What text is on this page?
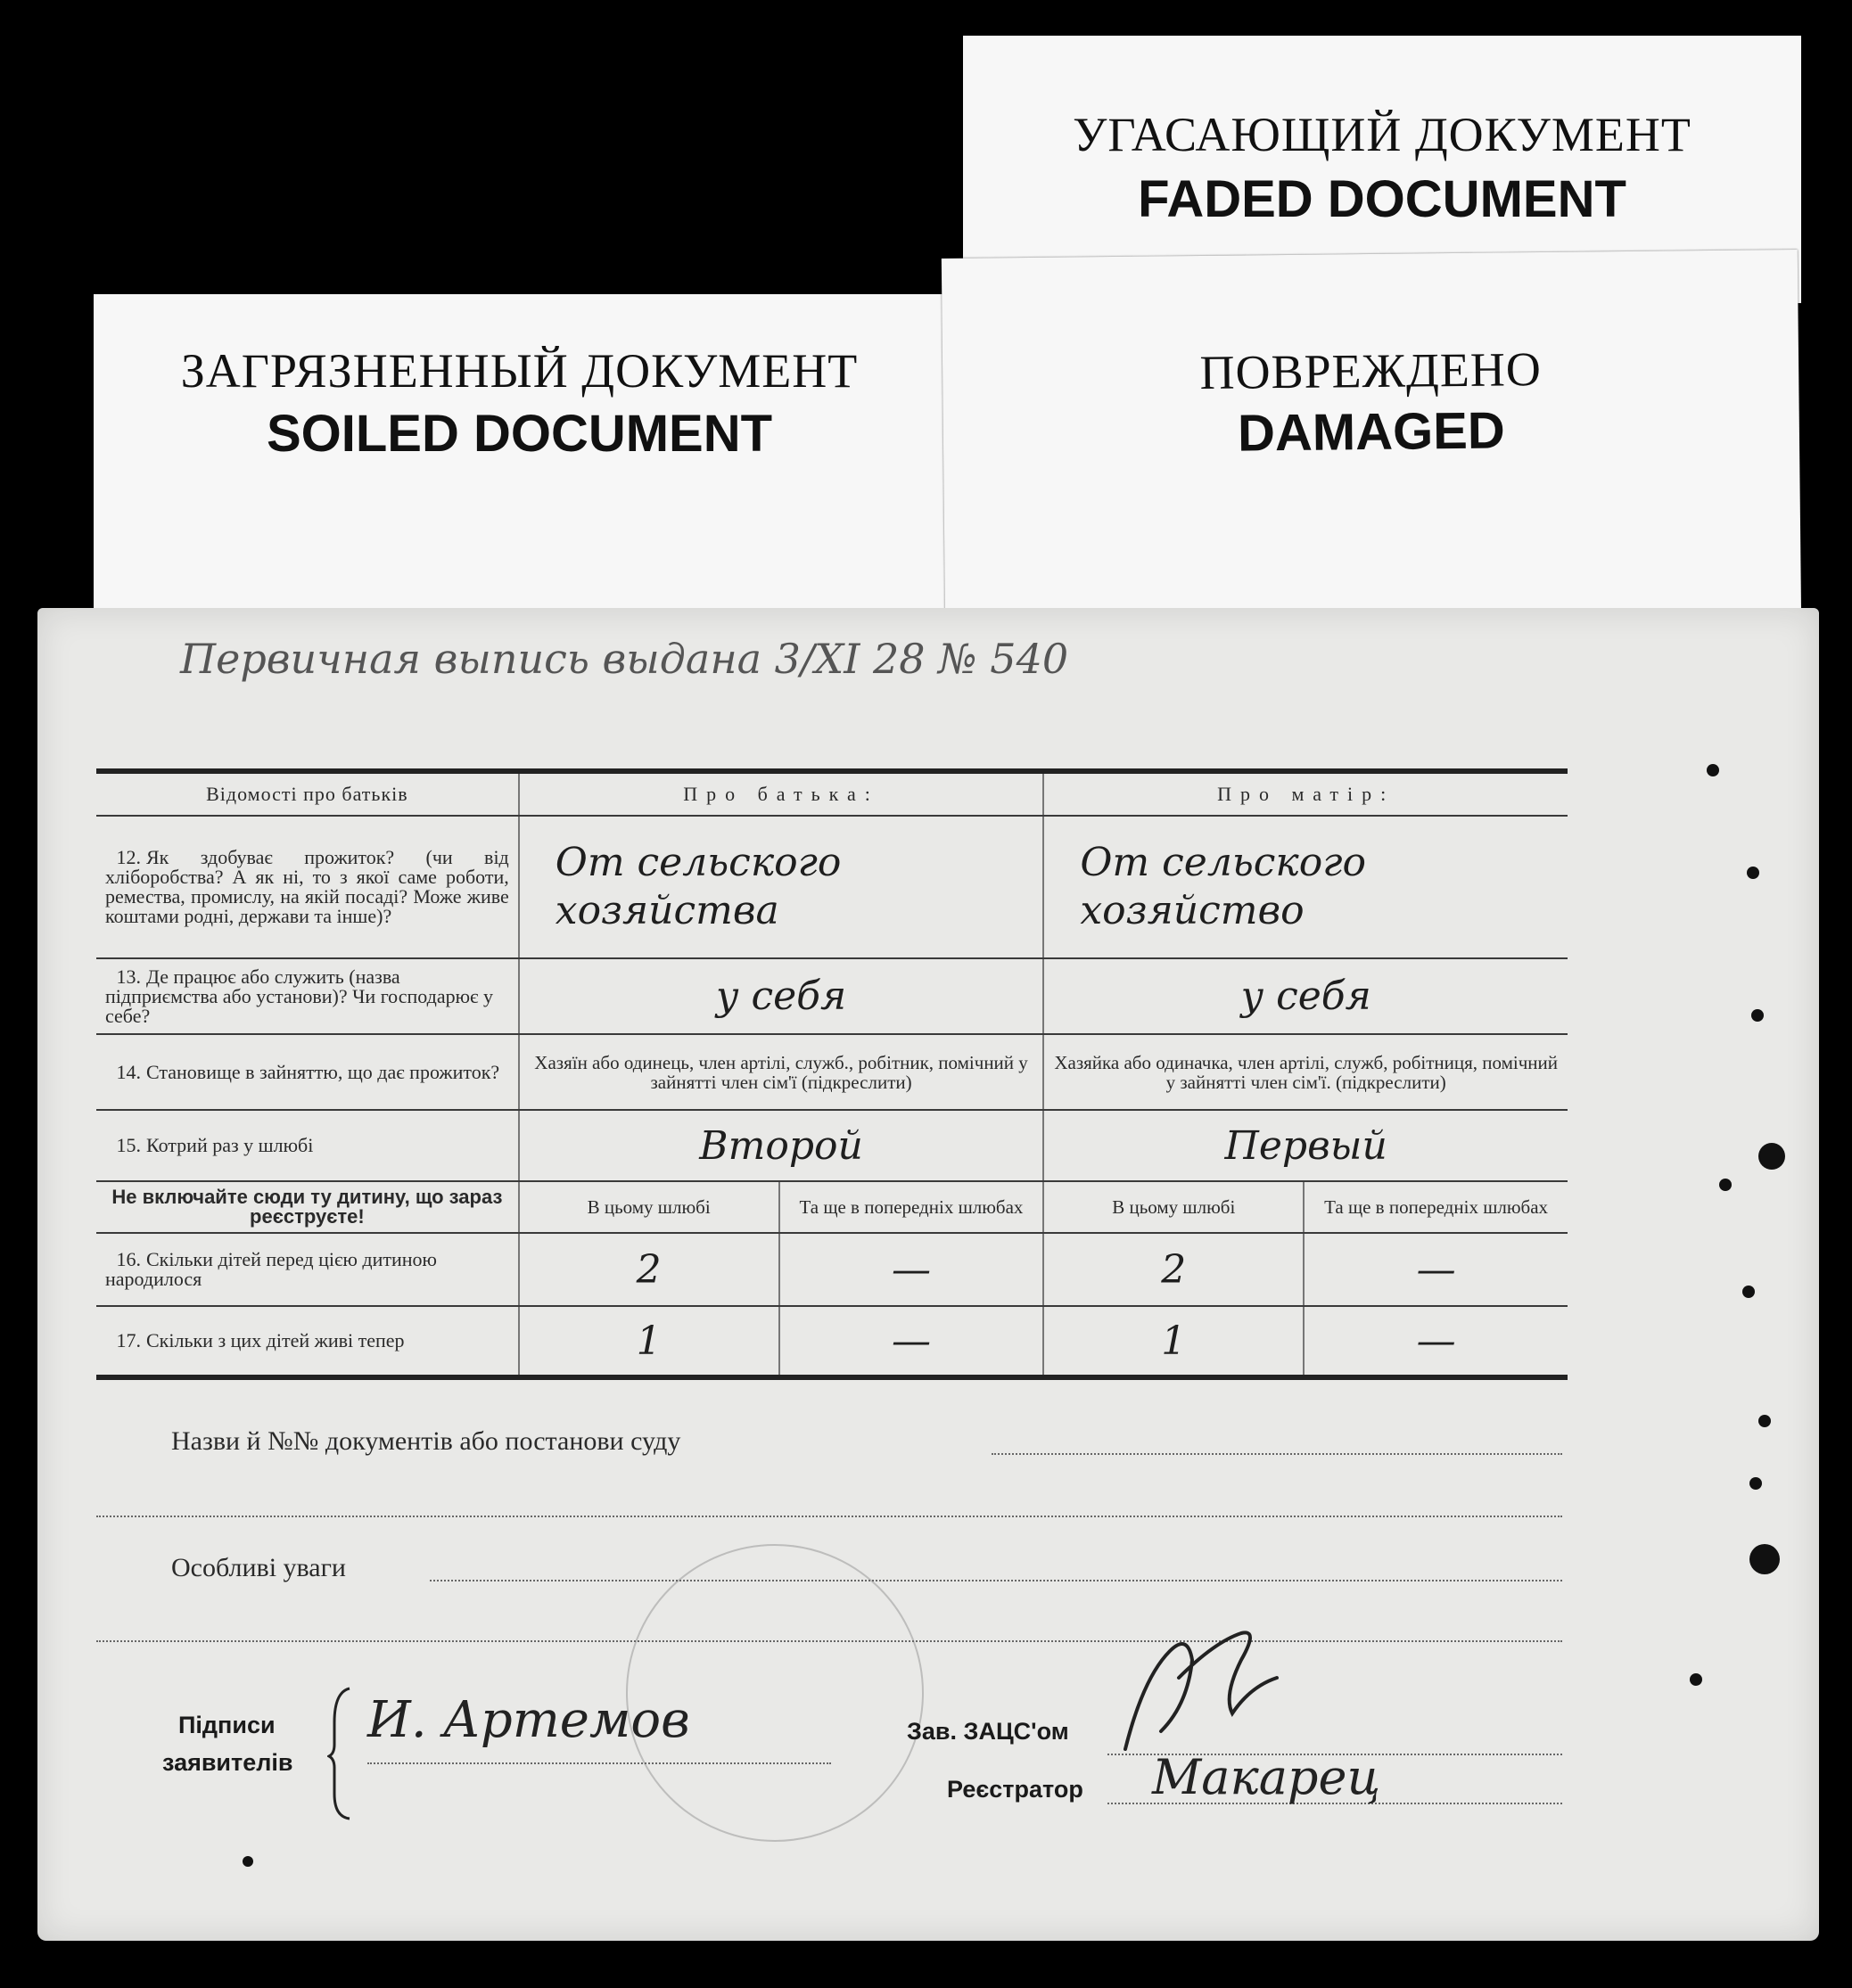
УГАСАЮЩИЙ ДОКУМЕНТ
FADED DOCUMENT
ЗАГРЯЗНЕННЫЙ ДОКУМЕНТ
SOILED DOCUMENT
ПОВРЕЖДЕНО
DAMAGED
Первичная выпись выдана 3/XI 28 № 540
Відомості про батьків	Про батька:		Про матір:	
12. Як здобуває прожиток? (чи від хліборобства? А як ні, то з якої саме роботи, ремества, промислу, на якій посаді? Може живе коштами родні, держави та інше)?	От сельского хозяйства		От сельского хозяйство	
13. Де працює або служить (назва підприємства або установи)? Чи господарює у себе?	у себя		у себя	
14. Становище в зайняттю, що дає прожиток?	Хазяїн або одинець, член артілі, служб., робітник, помічний у зайнятті член сім'ї (підкреслити)		Хазяйка або одиначка, член артілі, служб, робітниця, помічний у зайнятті член сім'ї. (підкреслити)	
15. Котрий раз у шлюбі	Второй		Первый	
Не включайте сюди ту дитину, що зараз реєструєте!	В цьому шлюбі	Та ще в попередніх шлюбах	В цьому шлюбі	Та ще в попередніх шлюбах
16. Скільки дітей перед цією дитиною народилося	2	—	2	—
17. Скільки з цих дітей живі тепер	1	—	1	—
Назви й №№ документів або постанови суду
Особливі уваги
Підписи
заявителів
И. Артемов	Зав. ЗАЦС'ом
Реєстратор Макарец
